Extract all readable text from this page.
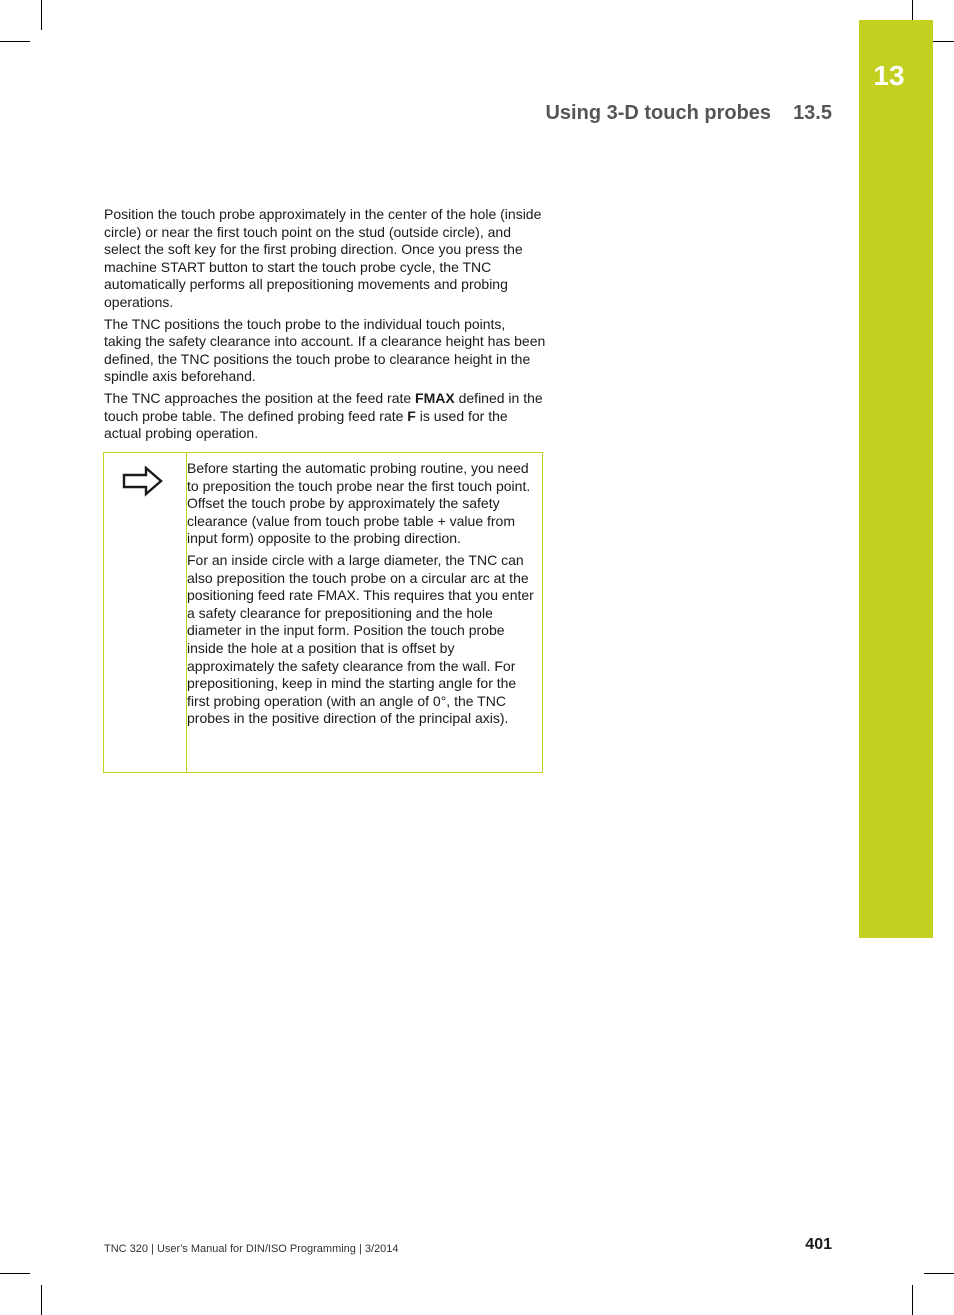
13
Using 3-D touch probes 13.5

Position the touch probe approximately in the center of the hole (inside circle) or near the first touch point on the stud (outside circle), and select the soft key for the first probing direction. Once you press the machine START button to start the touch probe cycle, the TNC automatically performs all prepositioning movements and probing operations.

The TNC positions the touch probe to the individual touch points, taking the safety clearance into account. If a clearance height has been defined, the TNC positions the touch probe to clearance height in the spindle axis beforehand.

The TNC approaches the position at the feed rate FMAX defined in the touch probe table. The defined probing feed rate F is used for the actual probing operation.

Before starting the automatic probing routine, you need to preposition the touch probe near the first touch point. Offset the touch probe by approximately the safety clearance (value from touch probe table + value from input form) opposite to the probing direction.

For an inside circle with a large diameter, the TNC can also preposition the touch probe on a circular arc at the positioning feed rate FMAX. This requires that you enter a safety clearance for prepositioning and the hole diameter in the input form. Position the touch probe inside the hole at a position that is offset by approximately the safety clearance from the wall. For prepositioning, keep in mind the starting angle for the first probing operation (with an angle of 0°, the TNC probes in the positive direction of the principal axis).

TNC 320 | User's Manual for DIN/ISO Programming | 3/2014	401
